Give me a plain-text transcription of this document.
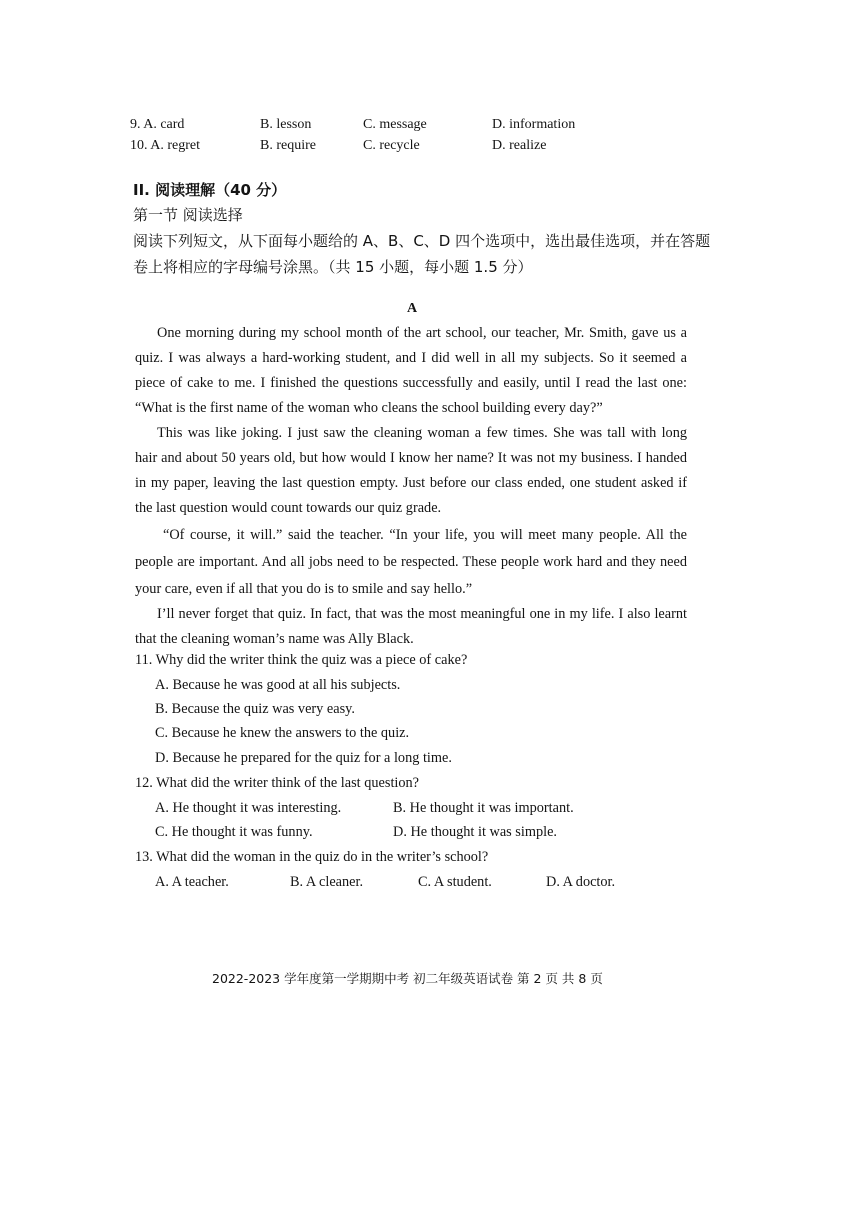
9. A. card	B. lesson	C. message	D. information
10. A. regret	B. require	C. recycle	D. realize
II. 阅读理解（40 分）
第一节 阅读选择
阅读下列短文，从下面每小题给的 A、B、C、D 四个选项中，选出最佳选项，并在答题
卷上将相应的字母编号涂黑。（共 15 小题，每小题 1.5 分）
A
One morning during my school month of the art school, our teacher, Mr. Smith, gave us a
quiz. I was always a hard-working student, and I did well in all my subjects. So it seemed a
piece of cake to me. I finished the questions successfully and easily, until I read the last one:
“What is the first name of the woman who cleans the school building every day?”
This was like joking. I just saw the cleaning woman a few times. She was tall with long
hair and about 50 years old, but how would I know her name? It was not my business. I handed
in my paper, leaving the last question empty. Just before our class ended, one student asked if
the last question would count towards our quiz grade.
“Of course, it will.” said the teacher. “In your life, you will meet many people. All the
people are important. And all jobs need to be respected. These people work hard and they need
your care, even if all that you do is to smile and say hello.”
I’ll never forget that quiz. In fact, that was the most meaningful one in my life. I also learnt
that the cleaning woman’s name was Ally Black.
11. Why did the writer think the quiz was a piece of cake?
A. Because he was good at all his subjects.
B. Because the quiz was very easy.
C. Because he knew the answers to the quiz.
D. Because he prepared for the quiz for a long time.
12. What did the writer think of the last question?
A. He thought it was interesting.	B. He thought it was important.
C. He thought it was funny.	D. He thought it was simple.
13. What did the woman in the quiz do in the writer’s school?
A. A teacher.	B. A cleaner.	C. A student.	D. A doctor.
2022-2023 学年度第一学期期中考 初二年级英语试卷 第 2 页 共 8 页
